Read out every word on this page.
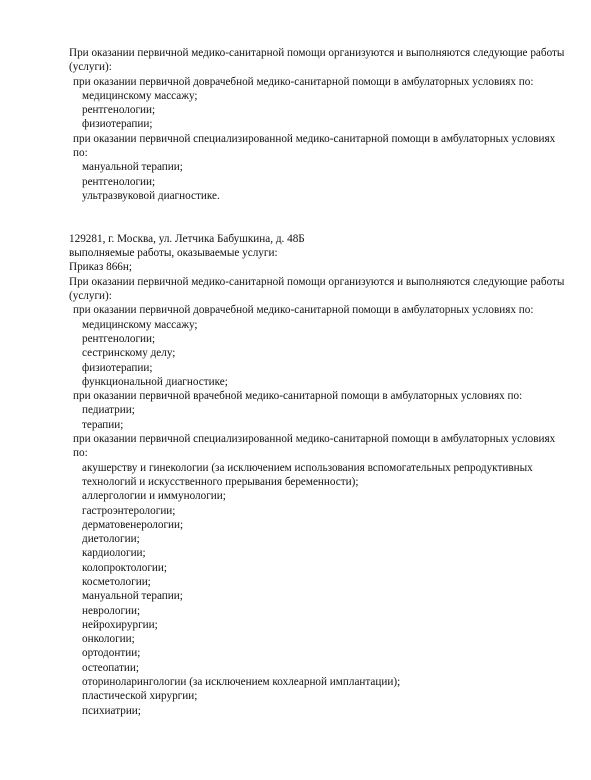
При оказании первичной медико-санитарной помощи организуются и выполняются следующие работы (услуги):

при оказании первичной доврачебной медико-санитарной помощи в амбулаторных условиях по:

медицинскому массажу;

рентгенологии;

физиотерапии;

при оказании первичной специализированной медико-санитарной помощи в амбулаторных условиях по:

мануальной терапии;

рентгенологии;

ультразвуковой диагностике.

129281, г. Москва, ул. Летчика Бабушкина, д. 48Б

выполняемые работы, оказываемые услуги:

Приказ 866н;

При оказании первичной медико-санитарной помощи организуются и выполняются следующие работы (услуги):

при оказании первичной доврачебной медико-санитарной помощи в амбулаторных условиях по:

медицинскому массажу;

рентгенологии;

сестринскому делу;

физиотерапии;

функциональной диагностике;

при оказании первичной врачебной медико-санитарной помощи в амбулаторных условиях по:

педиатрии;

терапии;

при оказании первичной специализированной медико-санитарной помощи в амбулаторных условиях по:

акушерству и гинекологии (за исключением использования вспомогательных репродуктивных технологий и искусственного прерывания беременности);

аллергологии и иммунологии;

гастроэнтерологии;

дерматовенерологии;

диетологии;

кардиологии;

колопроктологии;

косметологии;

мануальной терапии;

неврологии;

нейрохирургии;

онкологии;

ортодонтии;

остеопатии;

оториноларингологии (за исключением кохлеарной имплантации);

пластической хирургии;

психиатрии;
